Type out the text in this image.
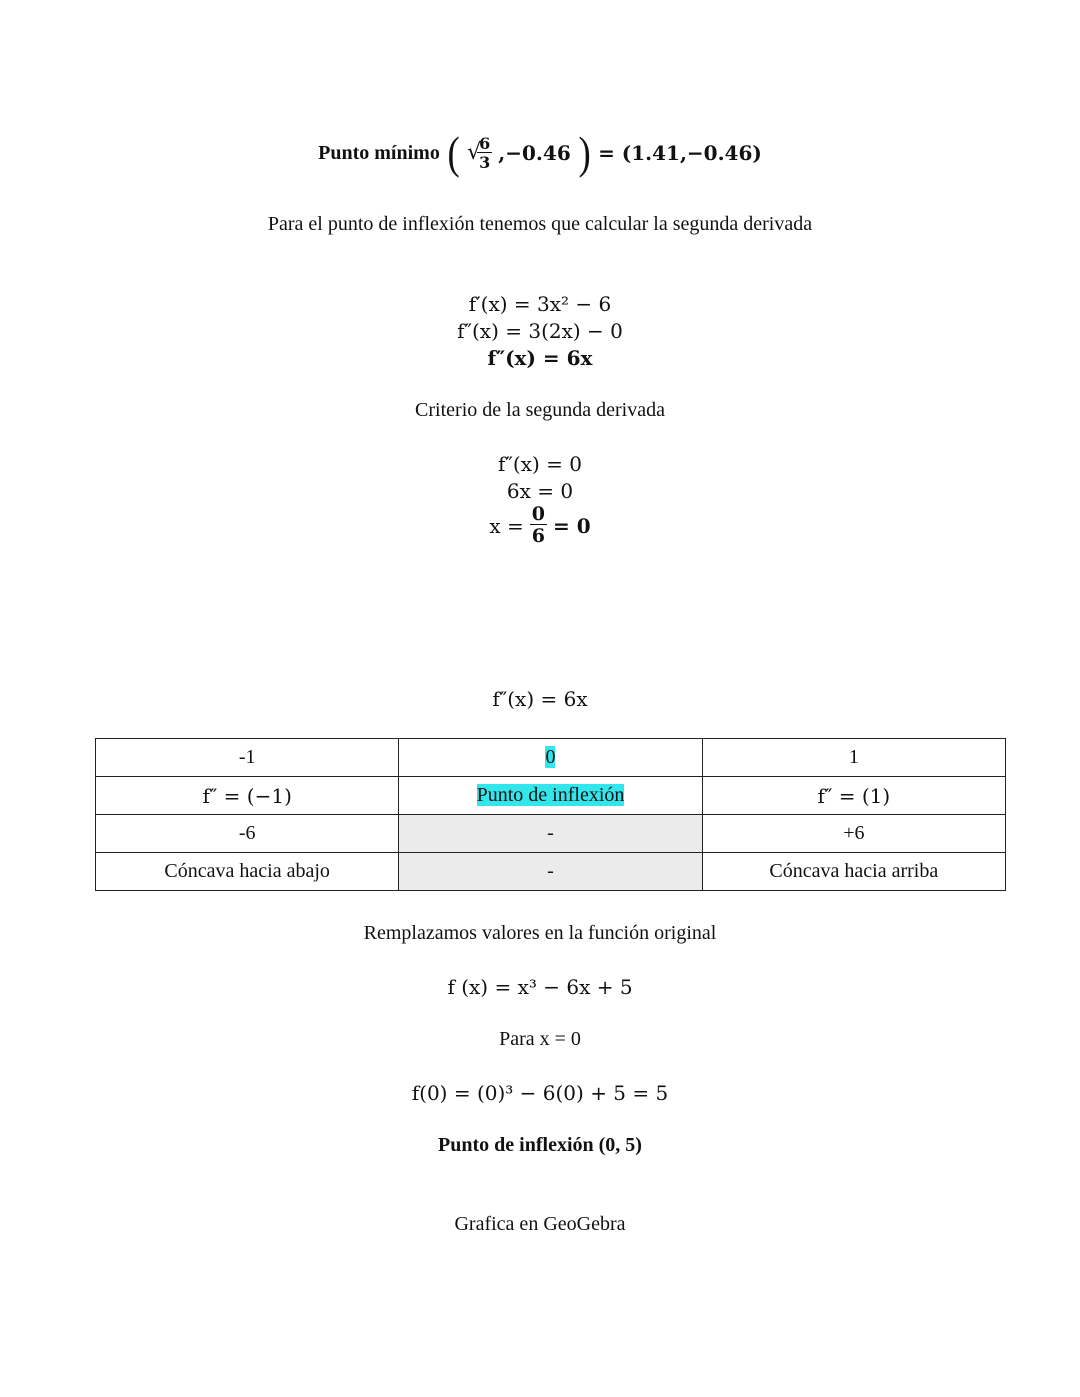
Punto mínimo ( √
$\frac{6}{3} ,-0.46$ ) = (1.41,−0.46)
Para el punto de inflexión tenemos que calcular la segunda derivada
f′(x) = 3x² − 6
f″(x) = 3(2x) − 0
f″(x) = 6x
Criterio de la segunda derivada
f″(x) = 0
6x = 0
$x = \frac{0}{6} = 0$
f″(x) = 6x
-1	0	1
f″ = (−1)	Punto de inflexión	f″ = (1)
-6	-	+6
Cóncava hacia abajo	-	Cóncava hacia arriba
Remplazamos valores en la función original
f (x) = x³ − 6x + 5
Para x = 0
f(0) = (0)³ − 6(0) + 5 = 5
Punto de inflexión (0, 5)
Grafica en GeoGebra
